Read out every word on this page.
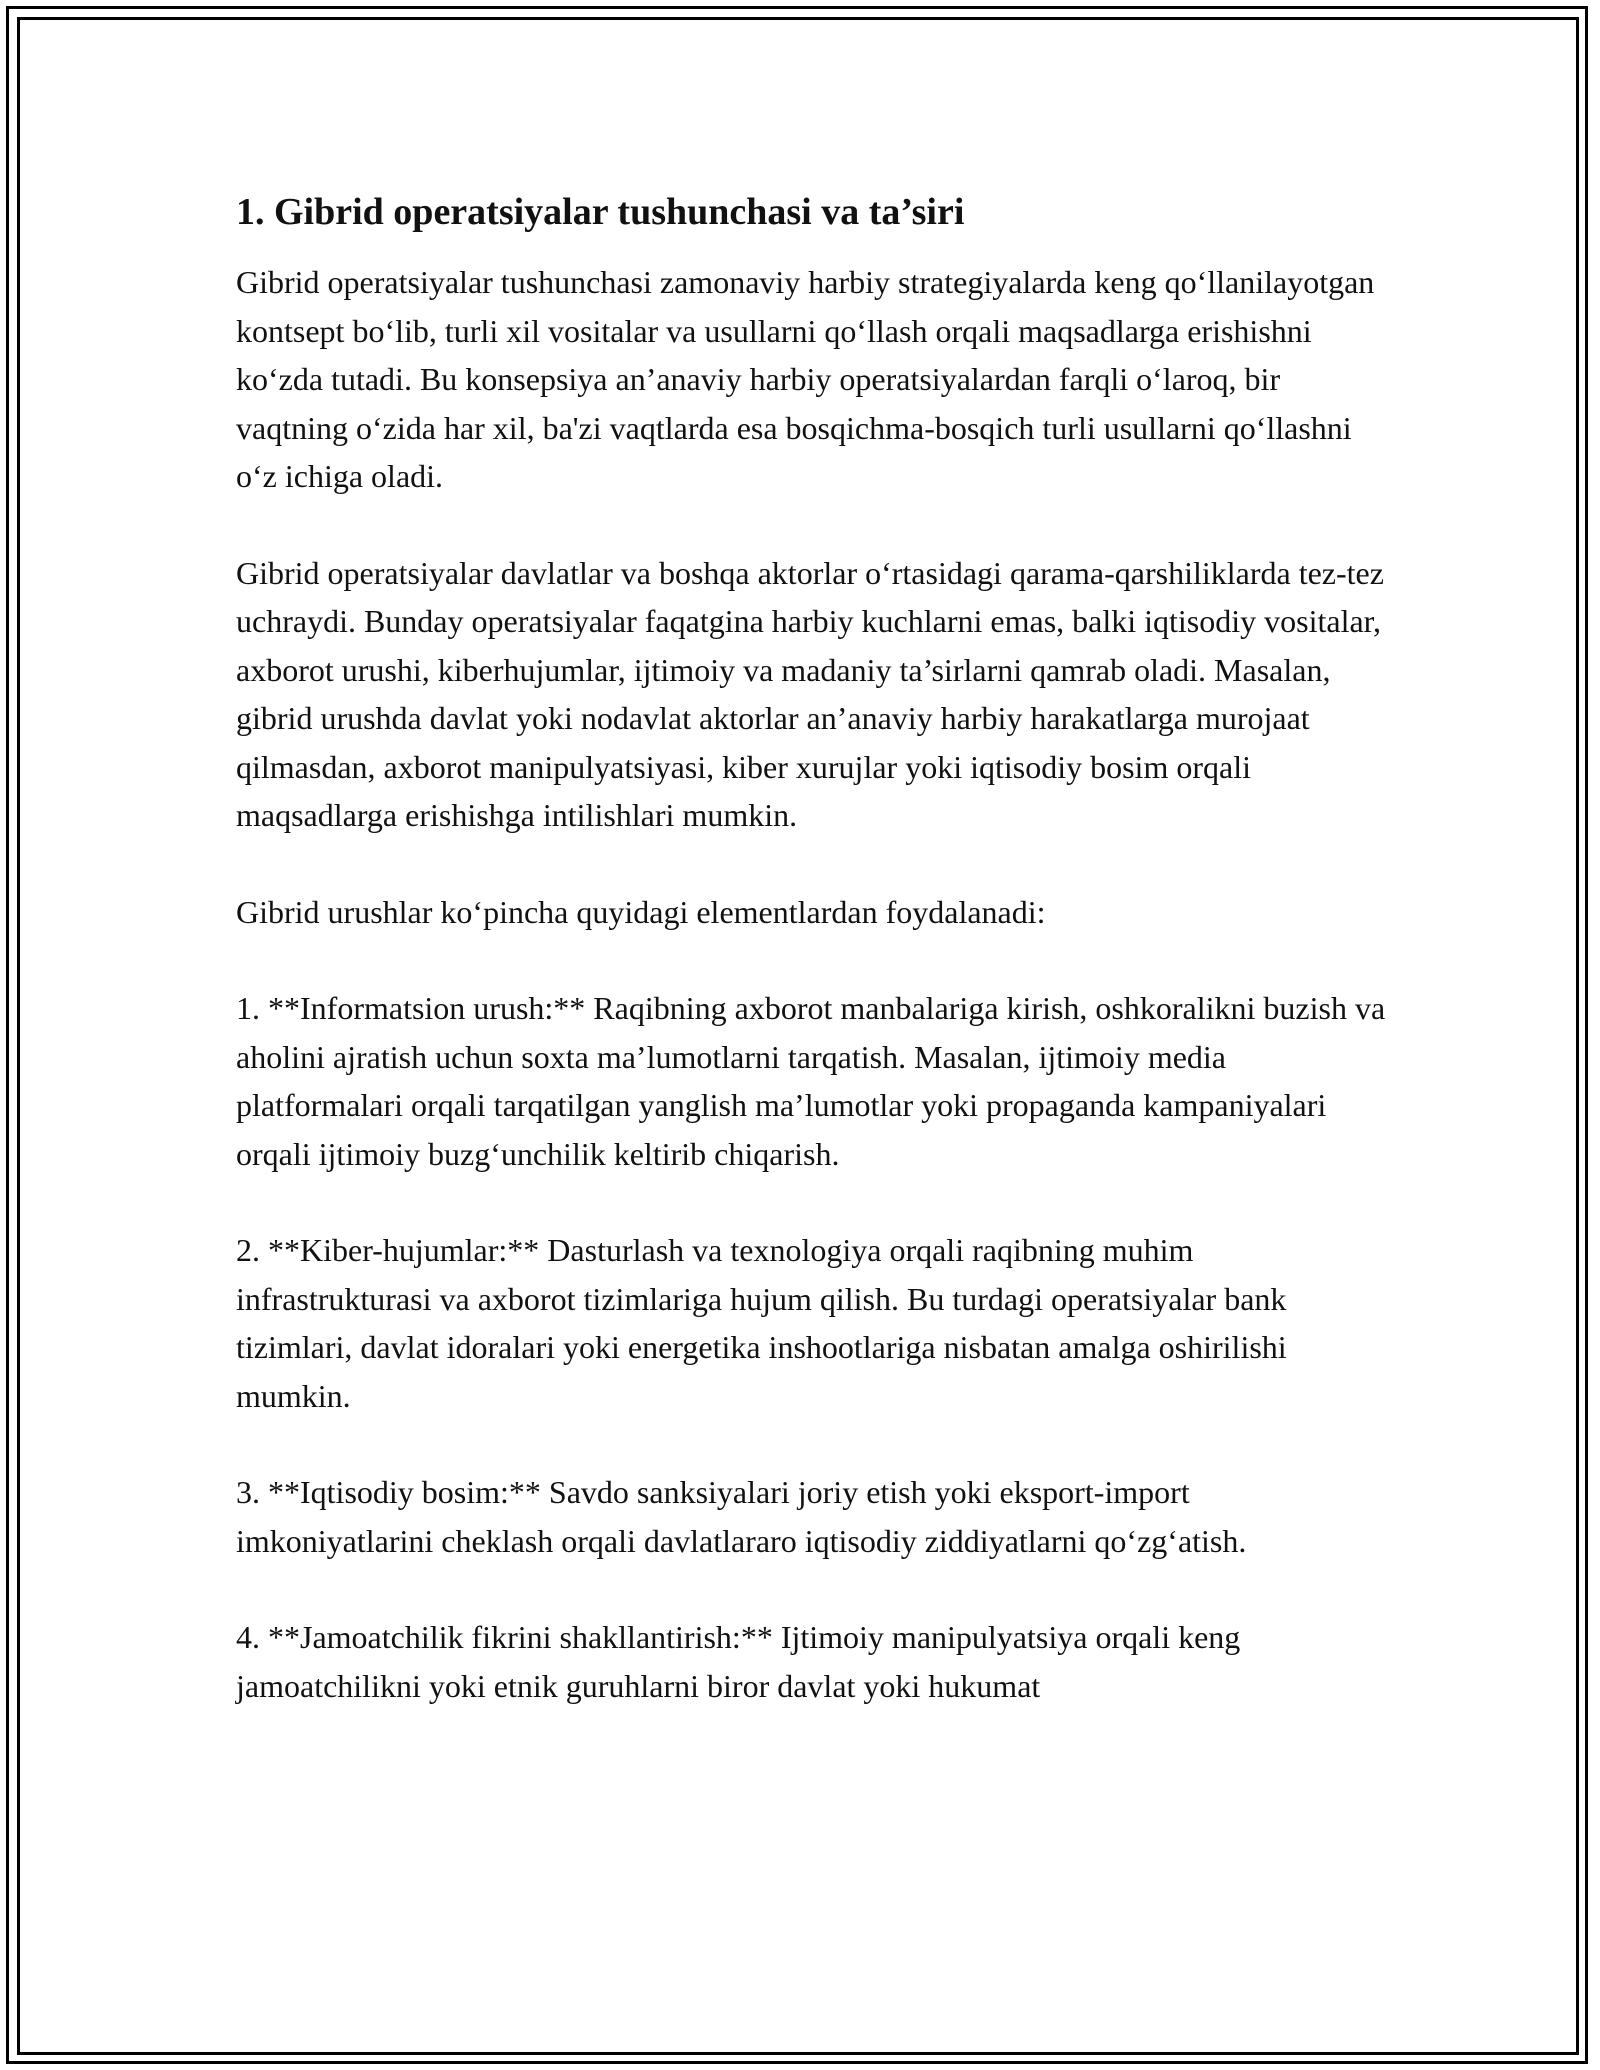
1. Gibrid operatsiyalar tushunchasi va ta’siri

Gibrid operatsiyalar tushunchasi zamonaviy harbiy strategiyalarda keng qo‘llanilayotgan kontsept bo‘lib, turli xil vositalar va usullarni qo‘llash orqali maqsadlarga erishishni ko‘zda tutadi. Bu konsepsiya an’anaviy harbiy operatsiyalardan farqli o‘laroq, bir vaqtning o‘zida har xil, ba'zi vaqtlarda esa bosqichma-bosqich turli usullarni qo‘llashni o‘z ichiga oladi.

Gibrid operatsiyalar davlatlar va boshqa aktorlar o‘rtasidagi qarama-qarshiliklarda tez-tez uchraydi. Bunday operatsiyalar faqatgina harbiy kuchlarni emas, balki iqtisodiy vositalar, axborot urushi, kiberhujumlar, ijtimoiy va madaniy ta’sirlarni qamrab oladi. Masalan, gibrid urushda davlat yoki nodavlat aktorlar an’anaviy harbiy harakatlarga murojaat qilmasdan, axborot manipulyatsiyasi, kiber xurujlar yoki iqtisodiy bosim orqali maqsadlarga erishishga intilishlari mumkin.

Gibrid urushlar ko‘pincha quyidagi elementlardan foydalanadi:

1. **Informatsion urush:** Raqibning axborot manbalariga kirish, oshkoralikni buzish va aholini ajratish uchun soxta ma’lumotlarni tarqatish. Masalan, ijtimoiy media platformalari orqali tarqatilgan yanglish ma’lumotlar yoki propaganda kampaniyalari orqali ijtimoiy buzg‘unchilik keltirib chiqarish.

2. **Kiber-hujumlar:** Dasturlash va texnologiya orqali raqibning muhim infrastrukturasi va axborot tizimlariga hujum qilish. Bu turdagi operatsiyalar bank tizimlari, davlat idoralari yoki energetika inshootlariga nisbatan amalga oshirilishi mumkin.

3. **Iqtisodiy bosim:** Savdo sanksiyalari joriy etish yoki eksport-import imkoniyatlarini cheklash orqali davlatlararo iqtisodiy ziddiyatlarni qo‘zg‘atish.

4. **Jamoatchilik fikrini shakllantirish:** Ijtimoiy manipulyatsiya orqali keng jamoatchilikni yoki etnik guruhlarni biror davlat yoki hukumat
